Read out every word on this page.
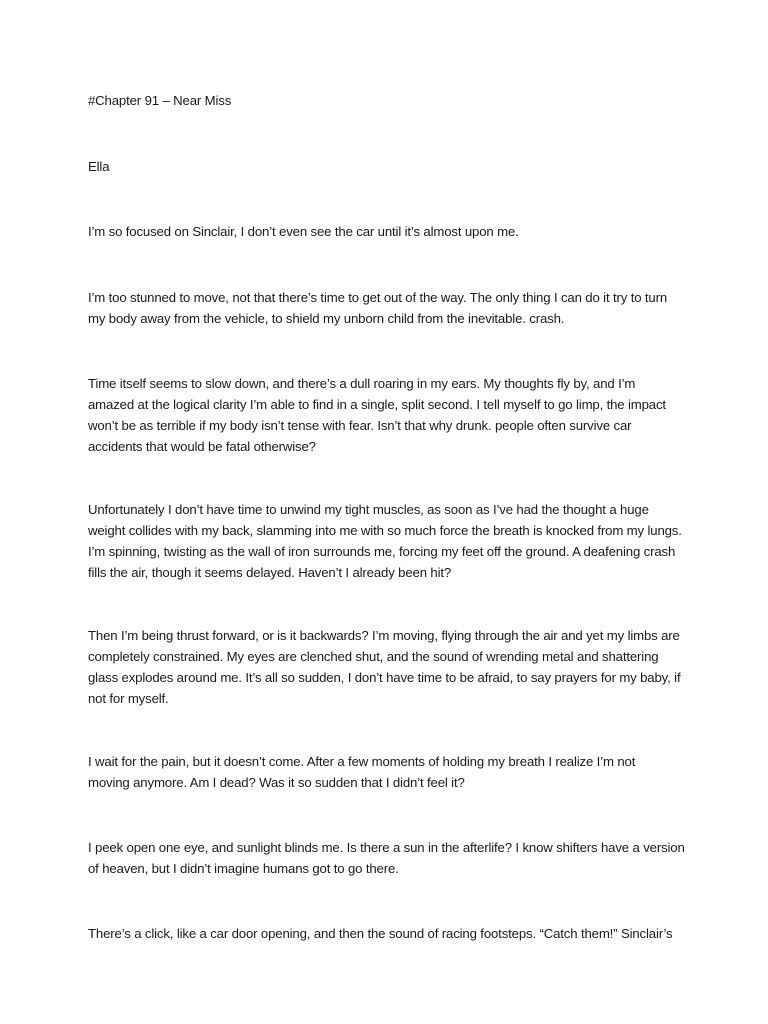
#Chapter 91 – Near Miss

Ella

I’m so focused on Sinclair, I don’t even see the car until it’s almost upon me.

I’m too stunned to move, not that there’s time to get out of the way. The only thing I can do it try to turn

my body away from the vehicle, to shield my unborn child from the inevitable. crash.

Time itself seems to slow down, and there’s a dull roaring in my ears. My thoughts fly by, and I’m

amazed at the logical clarity I’m able to find in a single, split second. I tell myself to go limp, the impact

won’t be as terrible if my body isn’t tense with fear. Isn’t that why drunk. people often survive car

accidents that would be fatal otherwise?

Unfortunately I don’t have time to unwind my tight muscles, as soon as I’ve had the thought a huge

weight collides with my back, slamming into me with so much force the breath is knocked from my lungs.

I’m spinning, twisting as the wall of iron surrounds me, forcing my feet off the ground. A deafening crash

fills the air, though it seems delayed. Haven’t I already been hit?

Then I’m being thrust forward, or is it backwards? I’m moving, flying through the air and yet my limbs are

completely constrained. My eyes are clenched shut, and the sound of wrending metal and shattering

glass explodes around me. It’s all so sudden, I don’t have time to be afraid, to say prayers for my baby, if

not for myself.

I wait for the pain, but it doesn’t come. After a few moments of holding my breath I realize I’m not

moving anymore. Am I dead? Was it so sudden that I didn’t feel it?

I peek open one eye, and sunlight blinds me. Is there a sun in the afterlife? I know shifters have a version

of heaven, but I didn’t imagine humans got to go there.

There’s a click, like a car door opening, and then the sound of racing footsteps. “Catch them!” Sinclair’s
